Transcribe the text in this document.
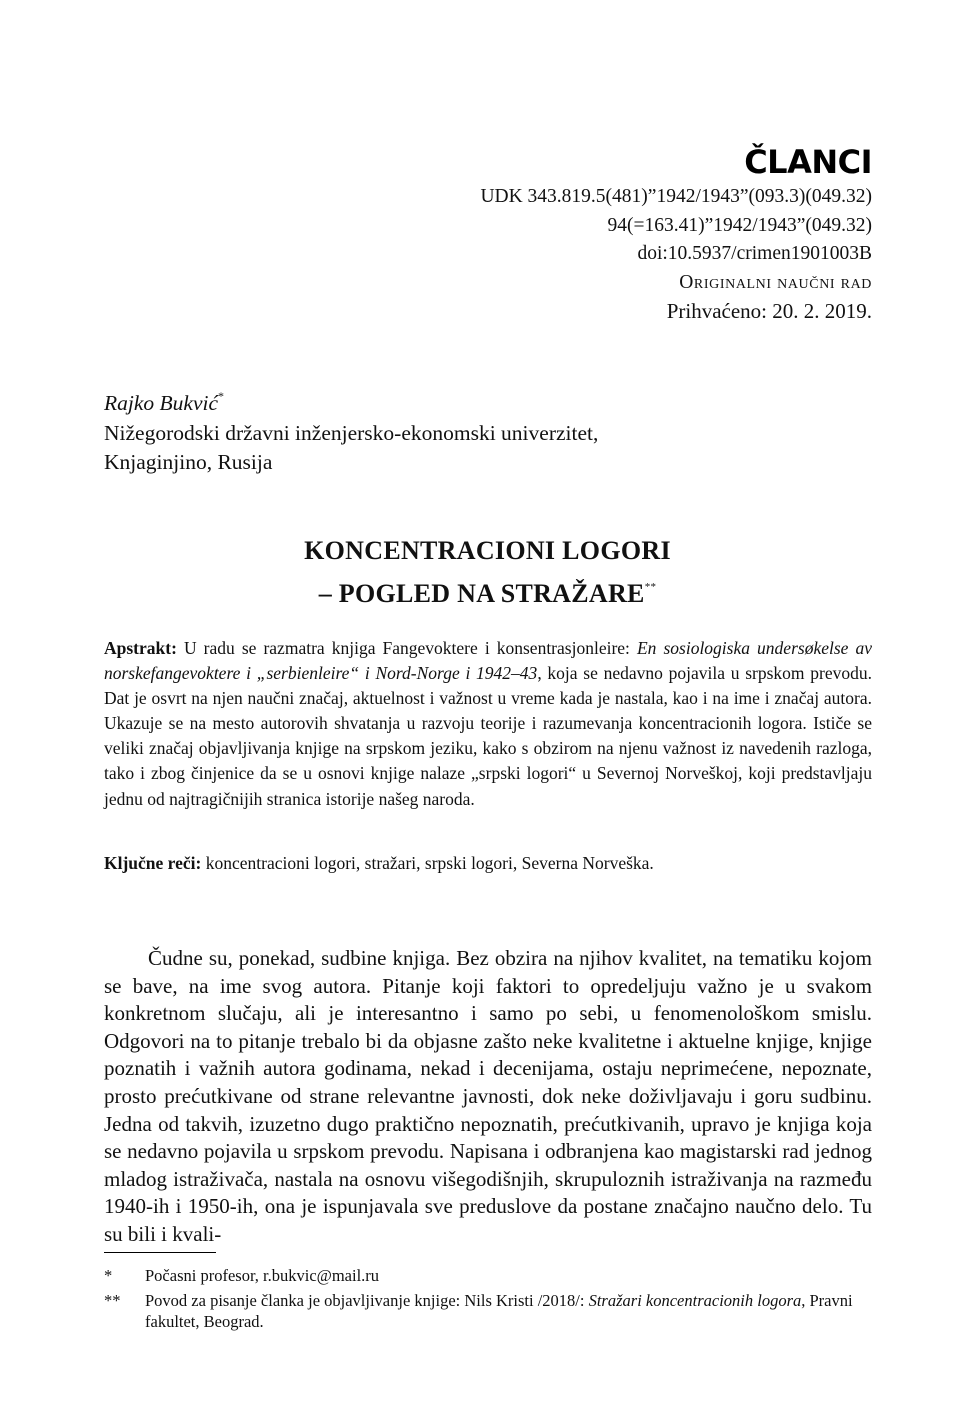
ČLANCI
UDK 343.819.5(481)”1942/1943”(093.3)(049.32)
94(=163.41)”1942/1943”(049.32)
doi:10.5937/crimen1901003B
Originalni naučni rad
Prihvaćeno: 20. 2. 2019.
Rajko Bukvić*
Nižegorodski državni inženjersko-ekonomski univerzitet,
Knjaginjino, Rusija
KONCENTRACIONI LOGORI
– POGLED NA STRAŽARE**
Apstrakt: U radu se razmatra knjiga Fangevoktere i konsentrasjonleire: En sosiologiska undersøkelse av norskefangevoktere i „serbienleire“ i Nord-Norge i 1942–43, koja se nedavno pojavila u srpskom prevodu. Dat je osvrt na njen naučni značaj, aktuelnost i važnost u vreme kada je nastala, kao i na ime i značaj autora. Ukazuje se na mesto autorovih shvatanja u razvoju teorije i razumevanja koncentracionih logora. Ističe se veliki značaj objavljivanja knjige na srpskom jeziku, kako s obzirom na njenu važnost iz navedenih razloga, tako i zbog činjenice da se u osnovi knjige nalaze „srpski logori“ u Severnoj Norveškoj, koji predstavljaju jednu od najtragičnijih stranica istorije našeg naroda.
Ključne reči: koncentracioni logori, stražari, srpski logori, Severna Norveška.

Čudne su, ponekad, sudbine knjiga. Bez obzira na njihov kvalitet, na tematiku kojom se bave, na ime svog autora. Pitanje koji faktori to opredeljuju važno je u svakom konkretnom slučaju, ali je interesantno i samo po sebi, u fenomenološkom smislu. Odgovori na to pitanje trebalo bi da objasne zašto neke kvalitetne i aktuelne knjige, knjige poznatih i važnih autora godinama, nekad i decenijama, ostaju neprimećene, nepoznate, prosto prećutkivane od strane relevantne javnosti, dok neke doživljavaju i goru sudbinu. Jedna od takvih, izuzetno dugo praktično nepoznatih, prećutkivanih, upravo je knjiga koja se nedavno pojavila u srpskom prevodu. Napisana i odbranjena kao magistarski rad jednog mladog istraživača, nastala na osnovu višegodišnjih, skrupuloznih istraživanja na razmeđu 1940-ih i 1950-ih, ona je ispunjavala sve preduslove da postane značajno naučno delo. Tu su bili i kvali-

*	Počasni profesor, r.bukvic@mail.ru
**	Povod za pisanje članka je objavljivanje knjige: Nils Kristi /2018/: Stražari koncentracionih logora, Pravni fakultet, Beograd.
